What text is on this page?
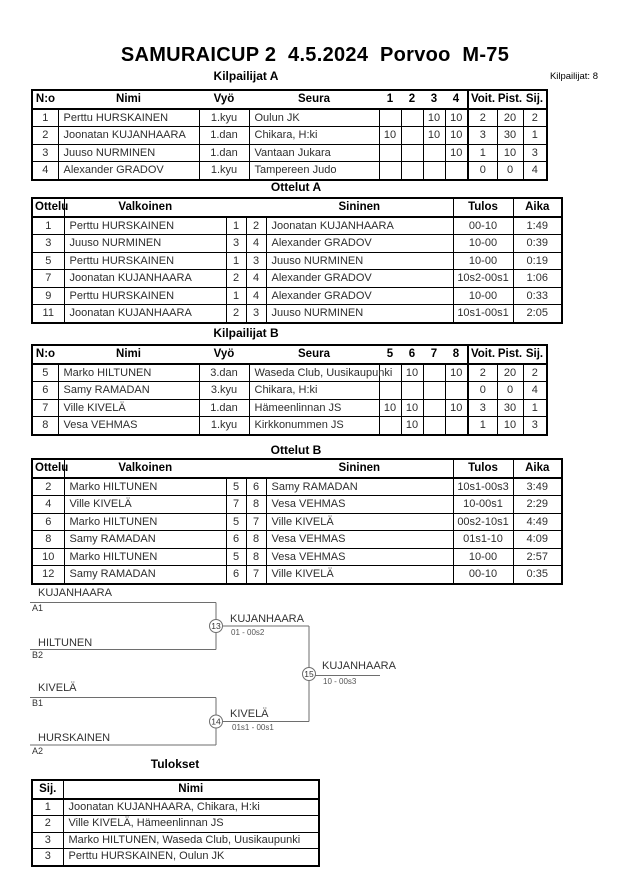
SAMURAICUP 2  4.5.2024  Porvoo  M-75
Kilpailijat A	Kilpailijat: 8
N:o	Nimi	Vyö	Seura	1	2	3	4	Voit.	Pist.	Sij.
1	Perttu HURSKAINEN	1.kyu	Oulun JK			10	10	2	20	2
2	Joonatan KUJANHAARA	1.dan	Chikara, H:ki	10		10	10	3	30	1
3	Juuso NURMINEN	1.dan	Vantaan Jukara				10	1	10	3
4	Alexander GRADOV	1.kyu	Tampereen Judo					0	0	4
Ottelut A
Ottelu	Valkoinen			Sininen	Tulos	Aika
1	Perttu HURSKAINEN	1	2	Joonatan KUJANHAARA	00-10	1:49
3	Juuso NURMINEN	3	4	Alexander GRADOV	10-00	0:39
5	Perttu HURSKAINEN	1	3	Juuso NURMINEN	10-00	0:19
7	Joonatan KUJANHAARA	2	4	Alexander GRADOV	10s2-00s1	1:06
9	Perttu HURSKAINEN	1	4	Alexander GRADOV	10-00	0:33
11	Joonatan KUJANHAARA	2	3	Juuso NURMINEN	10s1-00s1	2:05
Kilpailijat B
N:o	Nimi	Vyö	Seura	5	6	7	8	Voit.	Pist.	Sij.
5	Marko HILTUNEN	3.dan	Waseda Club, Uusikaupunki		10		10	2	20	2
6	Samy RAMADAN	3.kyu	Chikara, H:ki					0	0	4
7	Ville KIVELÄ	1.dan	Hämeenlinnan JS	10	10		10	3	30	1
8	Vesa VEHMAS	1.kyu	Kirkkonummen JS		10			1	10	3
Ottelut B
Ottelu	Valkoinen			Sininen	Tulos	Aika
2	Marko HILTUNEN	5	6	Samy RAMADAN	10s1-00s3	3:49
4	Ville KIVELÄ	7	8	Vesa VEHMAS	10-00s1	2:29
6	Marko HILTUNEN	5	7	Ville KIVELÄ	00s2-10s1	4:49
8	Samy RAMADAN	6	8	Vesa VEHMAS	01s1-10	4:09
10	Marko HILTUNEN	5	8	Vesa VEHMAS	10-00	2:57
12	Samy RAMADAN	6	7	Ville KIVELÄ	00-10	0:35
13
14
15
KUJANHAARA
A1
HILTUNEN
B2
KUJANHAARA
01 - 00s2
KIVELÄ
B1
HURSKAINEN
A2
KIVELÄ
01s1 - 00s1
KUJANHAARA
10 - 00s3
Tulokset
Sij.	Nimi
1	Joonatan KUJANHAARA, Chikara, H:ki
2	Ville KIVELÄ, Hämeenlinnan JS
3	Marko HILTUNEN, Waseda Club, Uusikaupunki
3	Perttu HURSKAINEN, Oulun JK
